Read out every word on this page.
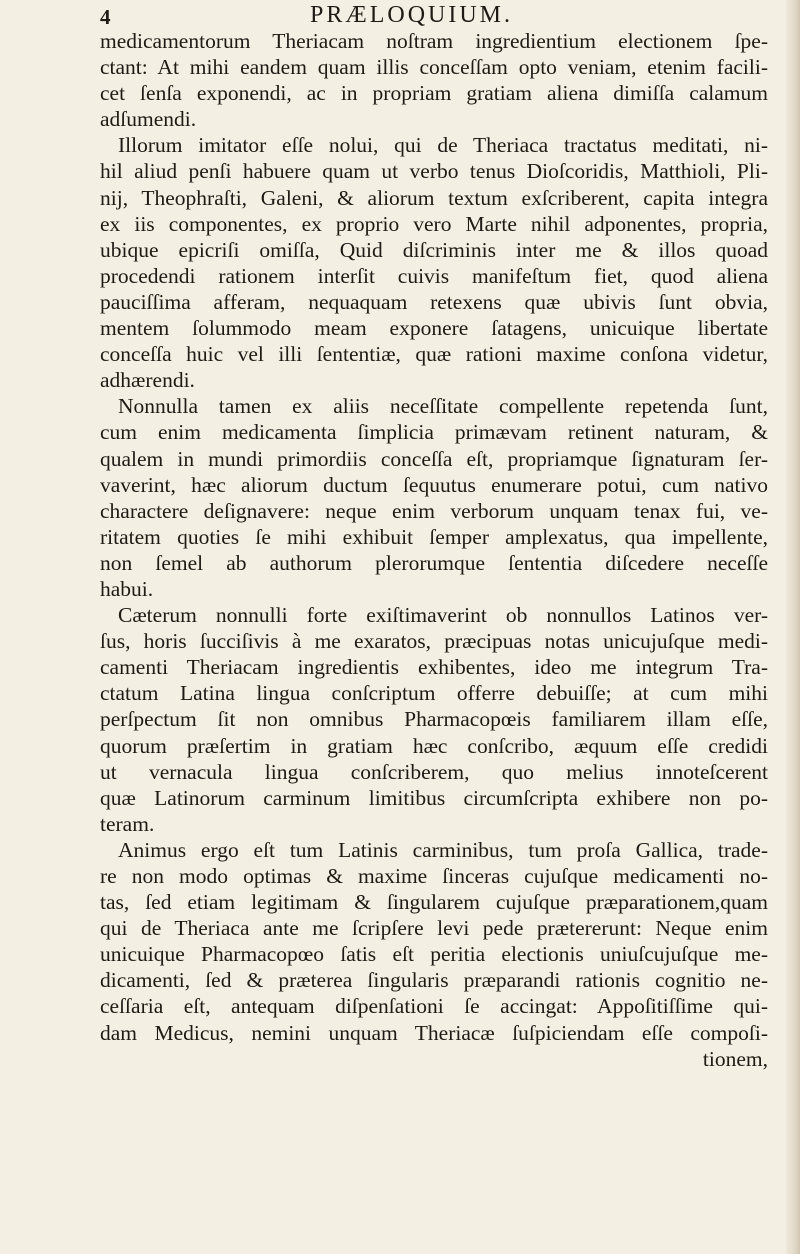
4	PRÆLOQUIUM.
medicamentorum Theriacam noſtram ingredientium electionem ſpe-
ctant: At mihi eandem quam illis conceſſam opto veniam, etenim facili-
cet ſenſa exponendi, ac in propriam gratiam aliena dimiſſa calamum
adſumendi.
Illorum imitator eſſe nolui, qui de Theriaca tractatus meditati, ni-
hil aliud penſi habuere quam ut verbo tenus Dioſcoridis, Matthioli, Pli-
nij, Theophraſti, Galeni, & aliorum textum exſcriberent, capita integra
ex iis componentes, ex proprio vero Marte nihil adponentes, propria,
ubique epicriſi omiſſa, Quid diſcriminis inter me & illos quoad
procedendi rationem interſit cuivis manifeſtum fiet, quod aliena
pauciſſima afferam, nequaquam retexens quæ ubivis ſunt obvia,
mentem ſolummodo meam exponere ſatagens, unicuique libertate
conceſſa huic vel illi ſententiæ, quæ rationi maxime conſona videtur,
adhærendi.
Nonnulla tamen ex aliis neceſſitate compellente repetenda ſunt,
cum enim medicamenta ſimplicia primævam retinent naturam, &
qualem in mundi primordiis conceſſa eſt, propriamque ſignaturam ſer-
vaverint, hæc aliorum ductum ſequutus enumerare potui, cum nativo
charactere deſignavere: neque enim verborum unquam tenax fui, ve-
ritatem quoties ſe mihi exhibuit ſemper amplexatus, qua impellente,
non ſemel ab authorum plerorumque ſententia diſcedere neceſſe
habui.
Cæterum nonnulli forte exiſtimaverint ob nonnullos Latinos ver-
ſus, horis ſucciſivis à me exaratos, præcipuas notas unicujuſque medi-
camenti Theriacam ingredientis exhibentes, ideo me integrum Tra-
ctatum Latina lingua conſcriptum offerre debuiſſe; at cum mihi
perſpectum ſit non omnibus Pharmacopœis familiarem illam eſſe,
quorum præſertim in gratiam hæc conſcribo, æquum eſſe credidi
ut vernacula lingua conſcriberem, quo melius innoteſcerent
quæ Latinorum carminum limitibus circumſcripta exhibere non po-
teram.
Animus ergo eſt tum Latinis carminibus, tum proſa Gallica, trade-
re non modo optimas & maxime ſinceras cujuſque medicamenti no-
tas, ſed etiam legitimam & ſingularem cujuſque præparationem,quam
qui de Theriaca ante me ſcripſere levi pede prætererunt: Neque enim
unicuique Pharmacopœo ſatis eſt peritia electionis uniuſcujuſque me-
dicamenti, ſed & præterea ſingularis præparandi rationis cognitio ne-
ceſſaria eſt, antequam diſpenſationi ſe accingat: Appoſitiſſime qui-
dam Medicus, nemini unquam Theriacæ ſuſpiciendam eſſe compoſi-
tionem,
